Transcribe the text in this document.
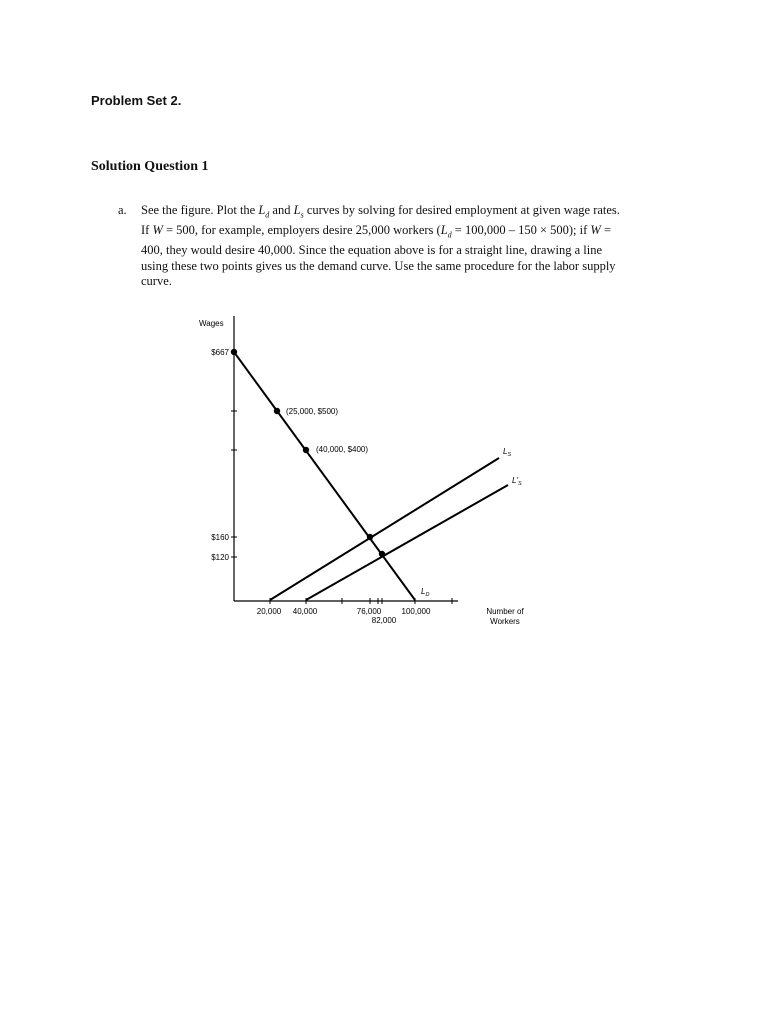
Problem Set 2.
Solution Question 1
a. See the figure. Plot the $L_d$ and $L_s$ curves by solving for desired employment at given wage rates.
If W = 500, for example, employers desire 25,000 workers $(L_d = 100,000 - 150 \times 500)$; if W =
400, they would desire 40,000. Since the equation above is for a straight line, drawing a line
using these two points gives us the demand curve. Use the same procedure for the labor supply
curve.
Wages
Number of
Workers
$667
$160
$120
20,000 40,000	76,000
82,000
100,000
(25,000, $500)
(40,000, $400)	$L_S$
$L'_S$
$L_D$
